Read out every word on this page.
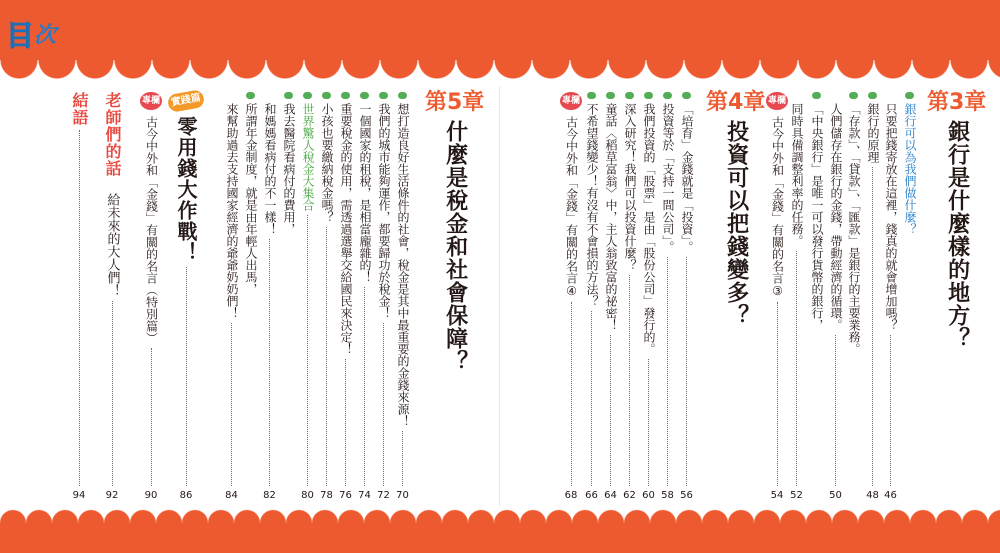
目 次
第3章
銀行是什麼樣的地方？
銀行可以為我們做什麼？
只要把錢寄放在這裡，錢真的就會增加嗎？
46
銀行的原理
48
「存款」、「貸款」、「匯款」是銀行的主要業務。
人們儲存在銀行的金錢，帶動經濟的循環。
50
「中央銀行」是唯一可以發行貨幣的銀行，
同時具備調整利率的任務。
52
專欄
古今中外和「金錢」有關的名言③
54
第4章
投資可以把錢變多？
「培育」金錢就是「投資」。
56
投資等於「支持一間公司」。
58
我們投資的「股票」是由「股份公司」發行的。
60
深入研究！我們可以投資什麼？
62
童話〈稻草富翁〉中，主人翁致富的祕密！
64
不希望錢變少！有沒有不會損的方法？
66
專欄
古今中外和「金錢」有關的名言④
68
第5章
什麼是稅金和社會保障？
想打造良好生活條件的社會，稅金是其中最重要的金錢來源！
70
我們的城市能夠運作，都要歸功於稅金！
72
一個國家的租稅，是相當龐雜的！
74
重要稅金的使用，需透過選舉交給國民來決定！
76
小孩也要繳納稅金嗎？
78
世界驚人稅金大集合
80
我去醫院看病付的費用，
和媽媽看病付的不一樣！
82
所謂年金制度，就是由年輕人出馬，
來幫助過去支持國家經濟的爺爺奶奶們！
84
實踐篇
零用錢大作戰！
86
專欄
古今中外和「金錢」有關的名言（特別篇）
90
老師們的話
給未來的大人們！
92
結語
94
